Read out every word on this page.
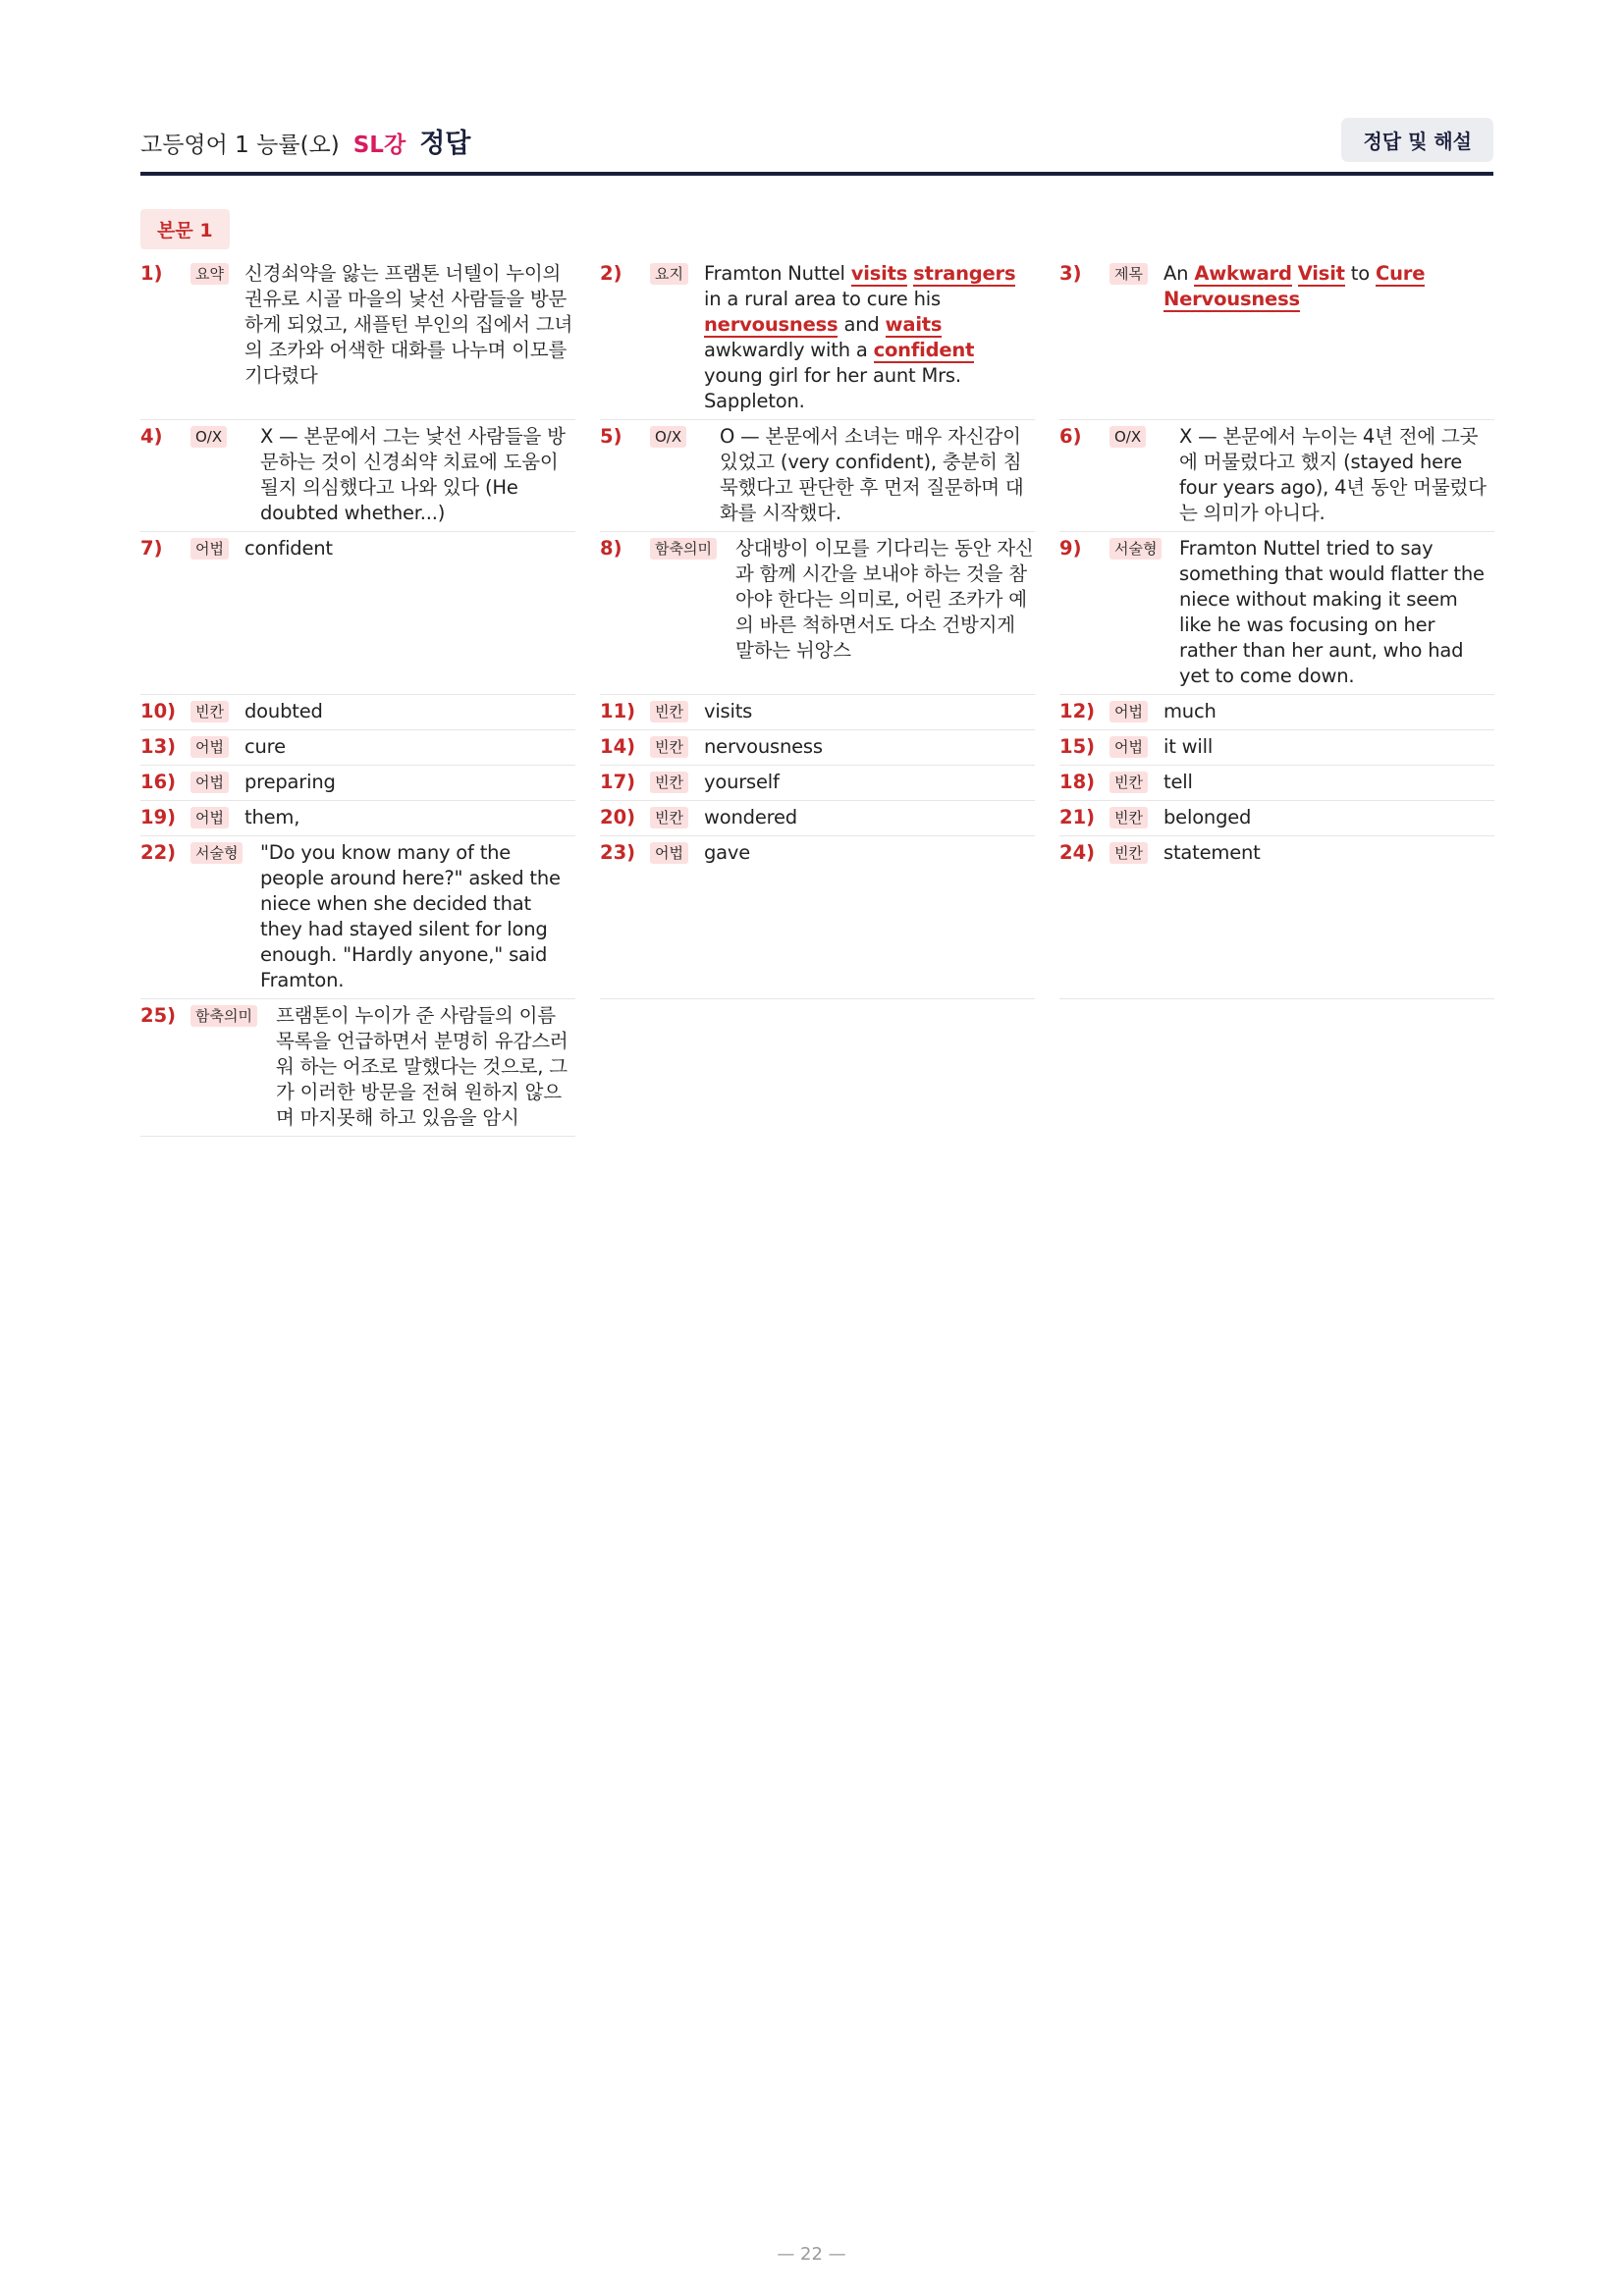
고등영어 1 능률(오) SL강 정답	정답 및 해설
본문 1
1)	요약 신경쇠약을 앓는 프램톤 너텔이 누이의 권유로 시골 마을의 낯선 사람들을 방문하게 되었고, 새플턴 부인의 집에서 그녀의 조카와 어색한 대화를 나누며 이모를 기다렸다
2)	요지 Framton Nuttel visits strangers in a rural area to cure his nervousness and waits awkwardly with a confident young girl for her aunt Mrs. Sappleton.
3)	제목 An Awkward Visit to Cure Nervousness
4)	O/X X — 본문에서 그는 낯선 사람들을 방문하는 것이 신경쇠약 치료에 도움이 될지 의심했다고 나와 있다 (He doubted whether...)
5)	O/X O — 본문에서 소녀는 매우 자신감이 있었고 (very confident), 충분히 침묵했다고 판단한 후 먼저 질문하며 대화를 시작했다.
6)	O/X X — 본문에서 누이는 4년 전에 그곳에 머물렀다고 했지 (stayed here four years ago), 4년 동안 머물렀다는 의미가 아니다.
7)	어법 confident	8)	함축의미 상대방이 이모를 기다리는 동안 자신과 함께 시간을 보내야 하는 것을 참아야 한다는 의미로, 어린 조카가 예의 바른 척하면서도 다소 건방지게 말하는 뉘앙스
9)	서술형 Framton Nuttel tried to say something that would flatter the niece without making it seem like he was focusing on her rather than her aunt, who had yet to come down.
10)	빈칸 doubted	11)	빈칸 visits	12)	어법 much
13)	어법 cure	14)	빈칸 nervousness	15)	어법 it will
16)	어법 preparing	17)	빈칸 yourself	18)	빈칸 tell
19)	어법 them,	20)	빈칸 wondered	21)	빈칸 belonged
22)	서술형 "Do you know many of the people around here?" asked the niece when she decided that they had stayed silent for long enough. "Hardly anyone," said Framton.
23)	어법 gave	24)	빈칸 statement
25)	함축의미 프램톤이 누이가 준 사람들의 이름 목록을 언급하면서 분명히 유감스러워 하는 어조로 말했다는 것으로, 그가 이러한 방문을 전혀 원하지 않으며 마지못해 하고 있음을 암시
— 22 —
